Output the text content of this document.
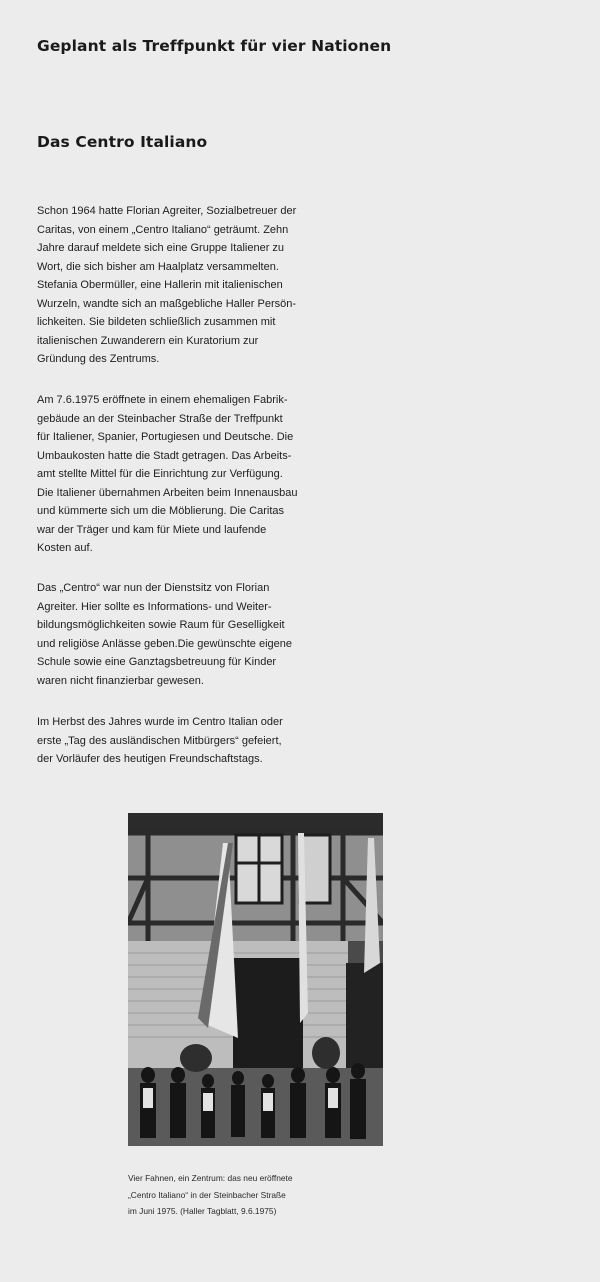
Geplant als Treffpunkt für vier Nationen
Das Centro Italiano

Schon 1964 hatte Florian Agreiter, Sozialbetreuer der
Caritas, von einem „Centro Italiano“ geträumt. Zehn
Jahre darauf meldete sich eine Gruppe Italiener zu
Wort, die sich bisher am Haalplatz versammelten.
Stefania Obermüller, eine Hallerin mit italienischen
Wurzeln, wandte sich an maßgebliche Haller Persön-
lichkeiten. Sie bildeten schließlich zusammen mit
italienischen Zuwanderern ein Kuratorium zur
Gründung des Zentrums.

Am 7.6.1975 eröffnete in einem ehemaligen Fabrik-
gebäude an der Steinbacher Straße der Treffpunkt
für Italiener, Spanier, Portugiesen und Deutsche. Die
Umbaukosten hatte die Stadt getragen. Das Arbeits-
amt stellte Mittel für die Einrichtung zur Verfügung.
Die Italiener übernahmen Arbeiten beim Innenausbau
und kümmerte sich um die Möblierung. Die Caritas
war der Träger und kam für Miete und laufende
Kosten auf.

Das „Centro“ war nun der Dienstsitz von Florian
Agreiter. Hier sollte es Informations- und Weiter-
bildungsmöglichkeiten sowie Raum für Geselligkeit
und religiöse Anlässe geben.Die gewünschte eigene
Schule sowie eine Ganztagsbetreuung für Kinder
waren nicht finanzierbar gewesen.

Im Herbst des Jahres wurde im Centro Italian oder
erste „Tag des ausländischen Mitbürgers“ gefeiert,
der Vorläufer des heutigen Freundschaftstags.

Vier Fahnen, ein Zentrum: das neu eröffnete
„Centro Italiano“ in der Steinbacher Straße
im Juni 1975. (Haller Tagblatt, 9.6.1975)
